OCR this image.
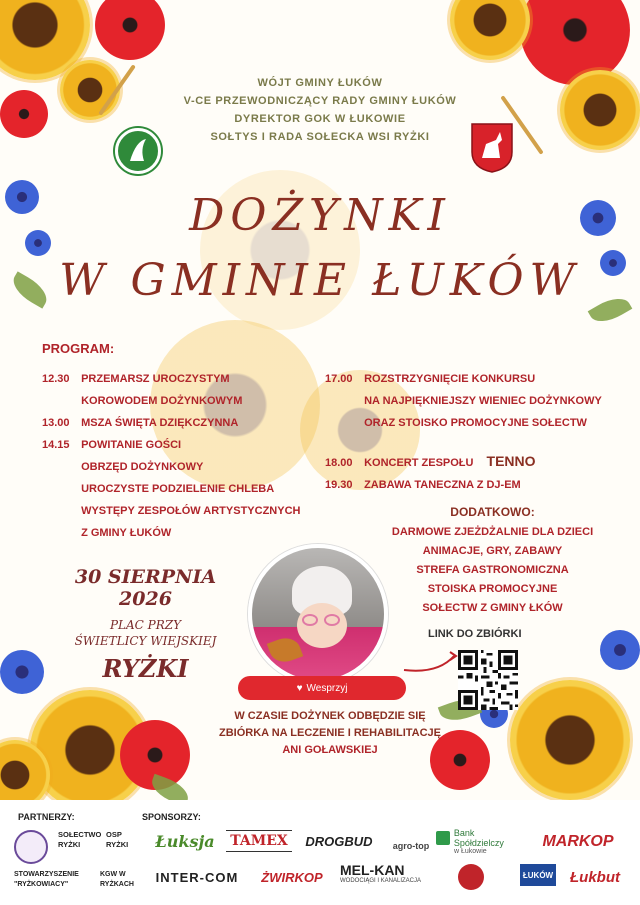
WÓJT GMINY ŁUKÓW
V-CE PRZEWODNICZĄCY RADY GMINY ŁUKÓW
DYREKTOR GOK W ŁUKOWIE
SOŁTYS I RADA SOŁECKA WSI RYŻKI
DOŻYNKI
W GMINIE ŁUKÓW
PROGRAM:
12.30 PRZEMARSZ UROCZYSTYM
KOROWODEM DOŻYNKOWYM
13.00 MSZA ŚWIĘTA DZIĘKCZYNNA
14.15 POWITANIE GOŚCI
OBRZĘD DOŻYNKOWY
UROCZYSTE PODZIELENIE CHLEBA
WYSTĘPY ZESPOŁÓW ARTYSTYCZNYCH
Z GMINY ŁUKÓW
17.00 ROZSTRZYGNIĘCIE KONKURSU
NA NAJPIĘKNIEJSZY WIENIEC DOŻYNKOWY
ORAZ STOISKO PROMOCYJNE SOŁECTW
18.00 KONCERT ZESPOŁU TENNO
19.30 ZABAWA TANECZNA Z DJ-EM
DODATKOWO:
DARMOWE ZJEŻDŻALNIE DLA DZIECI
ANIMACJE, GRY, ZABAWY
STREFA GASTRONOMICZNA
STOISKA PROMOCYJNE
SOŁECTW Z GMINY ŁKÓW
30 SIERPNIA 2026
PLAC PRZY
ŚWIETLICY WIEJSKIEJ
RYŻKI
♥ Wesprzyj
LINK DO ZBIÓRKI
W CZASIE DOŻYNEK ODBĘDZIE SIĘ
ZBIÓRKA NA LECZENIE I REHABILITACJĘ
ANI GOŁAWSKIEJ
PARTNERZY:	SPONSORZY:
SOŁECTWO RYŻKI
OSP RYŻKI
STOWARZYSZENIE "RYŻKOWIACY"
KGW W RYŻKACH
Łuksja	TAMEX	DROGBUD	agro-top
Bank Spółdzielczy
w Łukowie
MARKOP
INTER-COM	ŻWIRKOP	MEL-KAN
WODOCIĄGI I KANALIZACJA
ŁUKÓW	Łukbut
